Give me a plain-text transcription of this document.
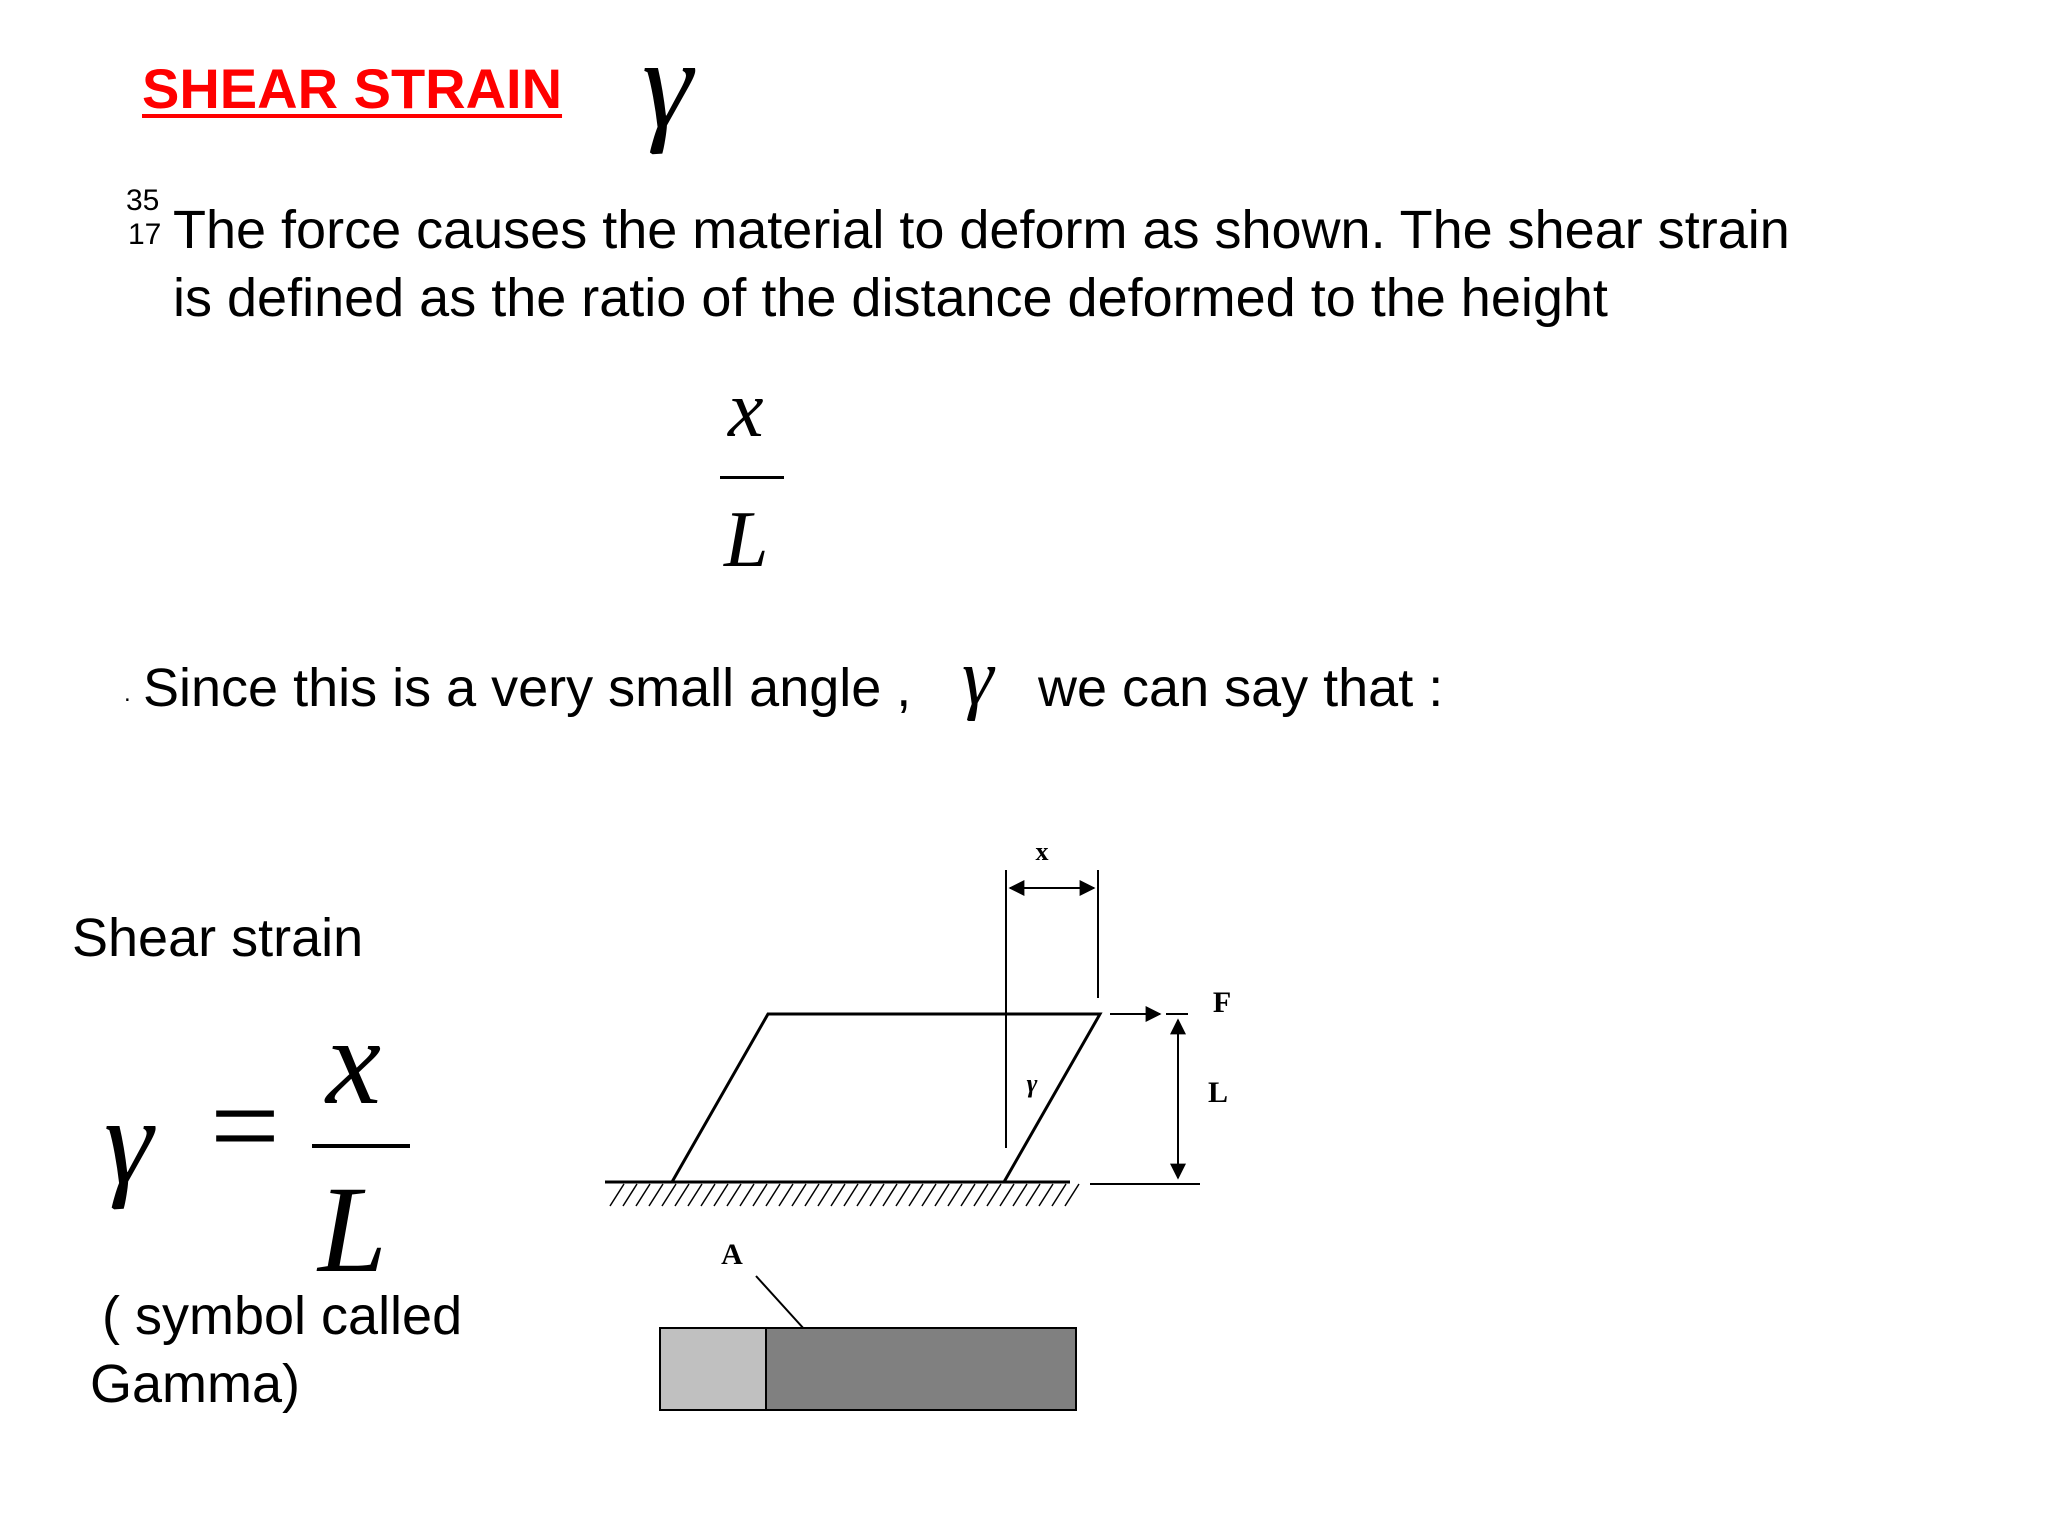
SHEAR STRAIN γ
35
17 The force causes the material to deform as shown. The shear strain
is defined as the ratio of the distance deformed to the height
x
L
. Since this is a very small angle , γ we can say that :
Shear strain
γ = x
L
( symbol called
Gamma)
x
γ
F
L
A
